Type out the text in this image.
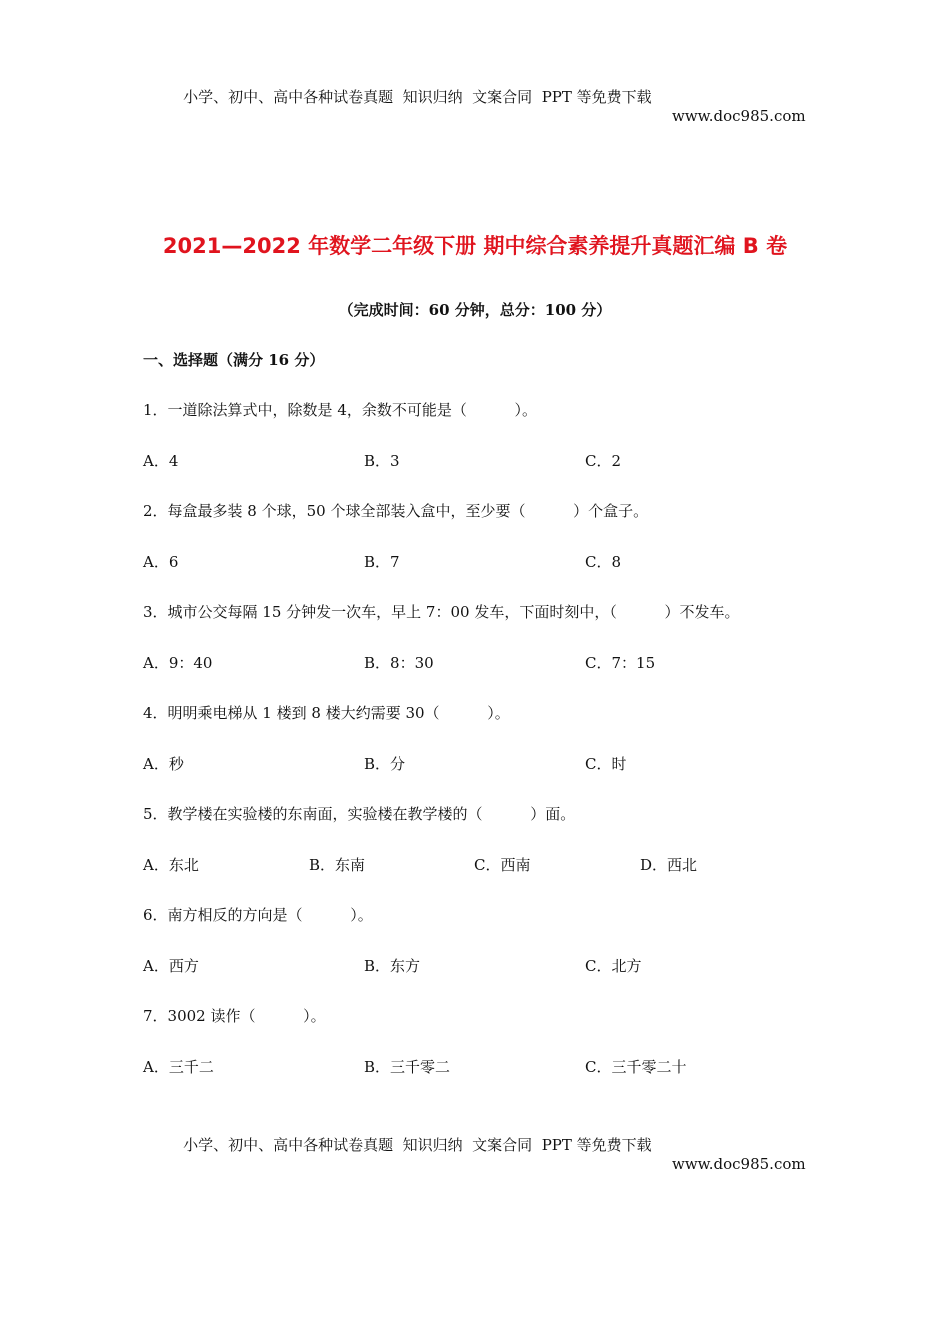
小学、初中、高中各种试卷真题  知识归纳  文案合同  PPT 等免费下载

www.doc985.com

2021—2022 年数学二年级下册 期中综合素养提升真题汇编 B 卷
（完成时间：60 分钟，总分：100 分）
一、选择题（满分 16 分）
1．一道除法算式中，除数是 4，余数不可能是（          ）。
A．4	B．3	C．2
2．每盒最多装 8 个球，50 个球全部装入盒中，至少要（          ）个盒子。
A．6	B．7	C．8
3．城市公交每隔 15 分钟发一次车，早上 7：00 发车，下面时刻中，（          ）不发车。
A．9：40	B．8：30	C．7：15
4．明明乘电梯从 1 楼到 8 楼大约需要 30（          ）。
A．秒	B．分	C．时
5．教学楼在实验楼的东南面，实验楼在教学楼的（          ）面。
A．东北	B．东南	C．西南	D．西北
6．南方相反的方向是（          ）。
A．西方	B．东方	C．北方
7．3002 读作（          ）。
A．三千二	B．三千零二	C．三千零二十

小学、初中、高中各种试卷真题  知识归纳  文案合同  PPT 等免费下载

www.doc985.com
